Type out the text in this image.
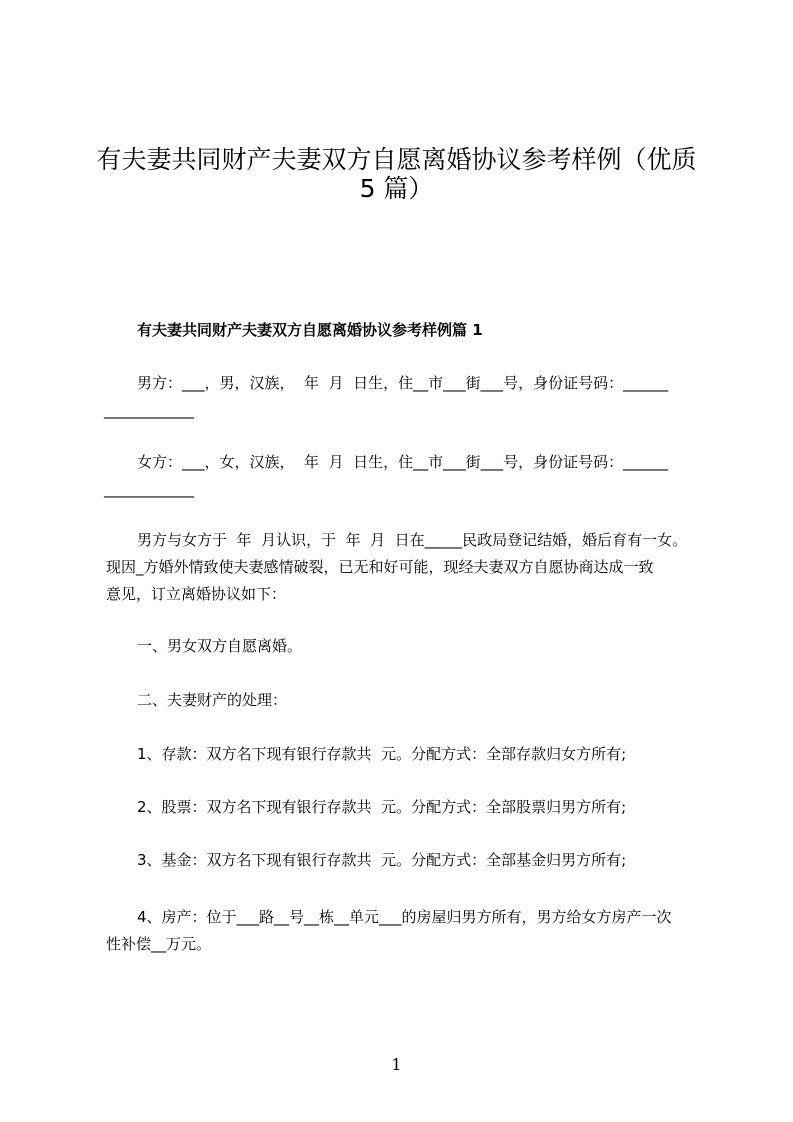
有夫妻共同财产夫妻双方自愿离婚协议参考样例（优质
5 篇）
有夫妻共同财产夫妻双方自愿离婚协议参考样例篇 1
男方：___，男，汉族，  年  月  日生，住__市___街___号，身份证号码：______
____________
女方：___，女，汉族，  年  月  日生，住__市___街___号，身份证号码：______
____________
男方与女方于  年  月认识，于  年  月  日在_____民政局登记结婚，婚后育有一女。
现因_方婚外情致使夫妻感情破裂，已无和好可能，现经夫妻双方自愿协商达成一致
意见，订立离婚协议如下：
一、男女双方自愿离婚。
二、夫妻财产的处理：
1、存款：双方名下现有银行存款共  元。分配方式：全部存款归女方所有;
2、股票：双方名下现有银行存款共  元。分配方式：全部股票归男方所有;
3、基金：双方名下现有银行存款共  元。分配方式：全部基金归男方所有;
4、房产：位于___路__号__栋__单元___的房屋归男方所有，男方给女方房产一次
性补偿__万元。
1
